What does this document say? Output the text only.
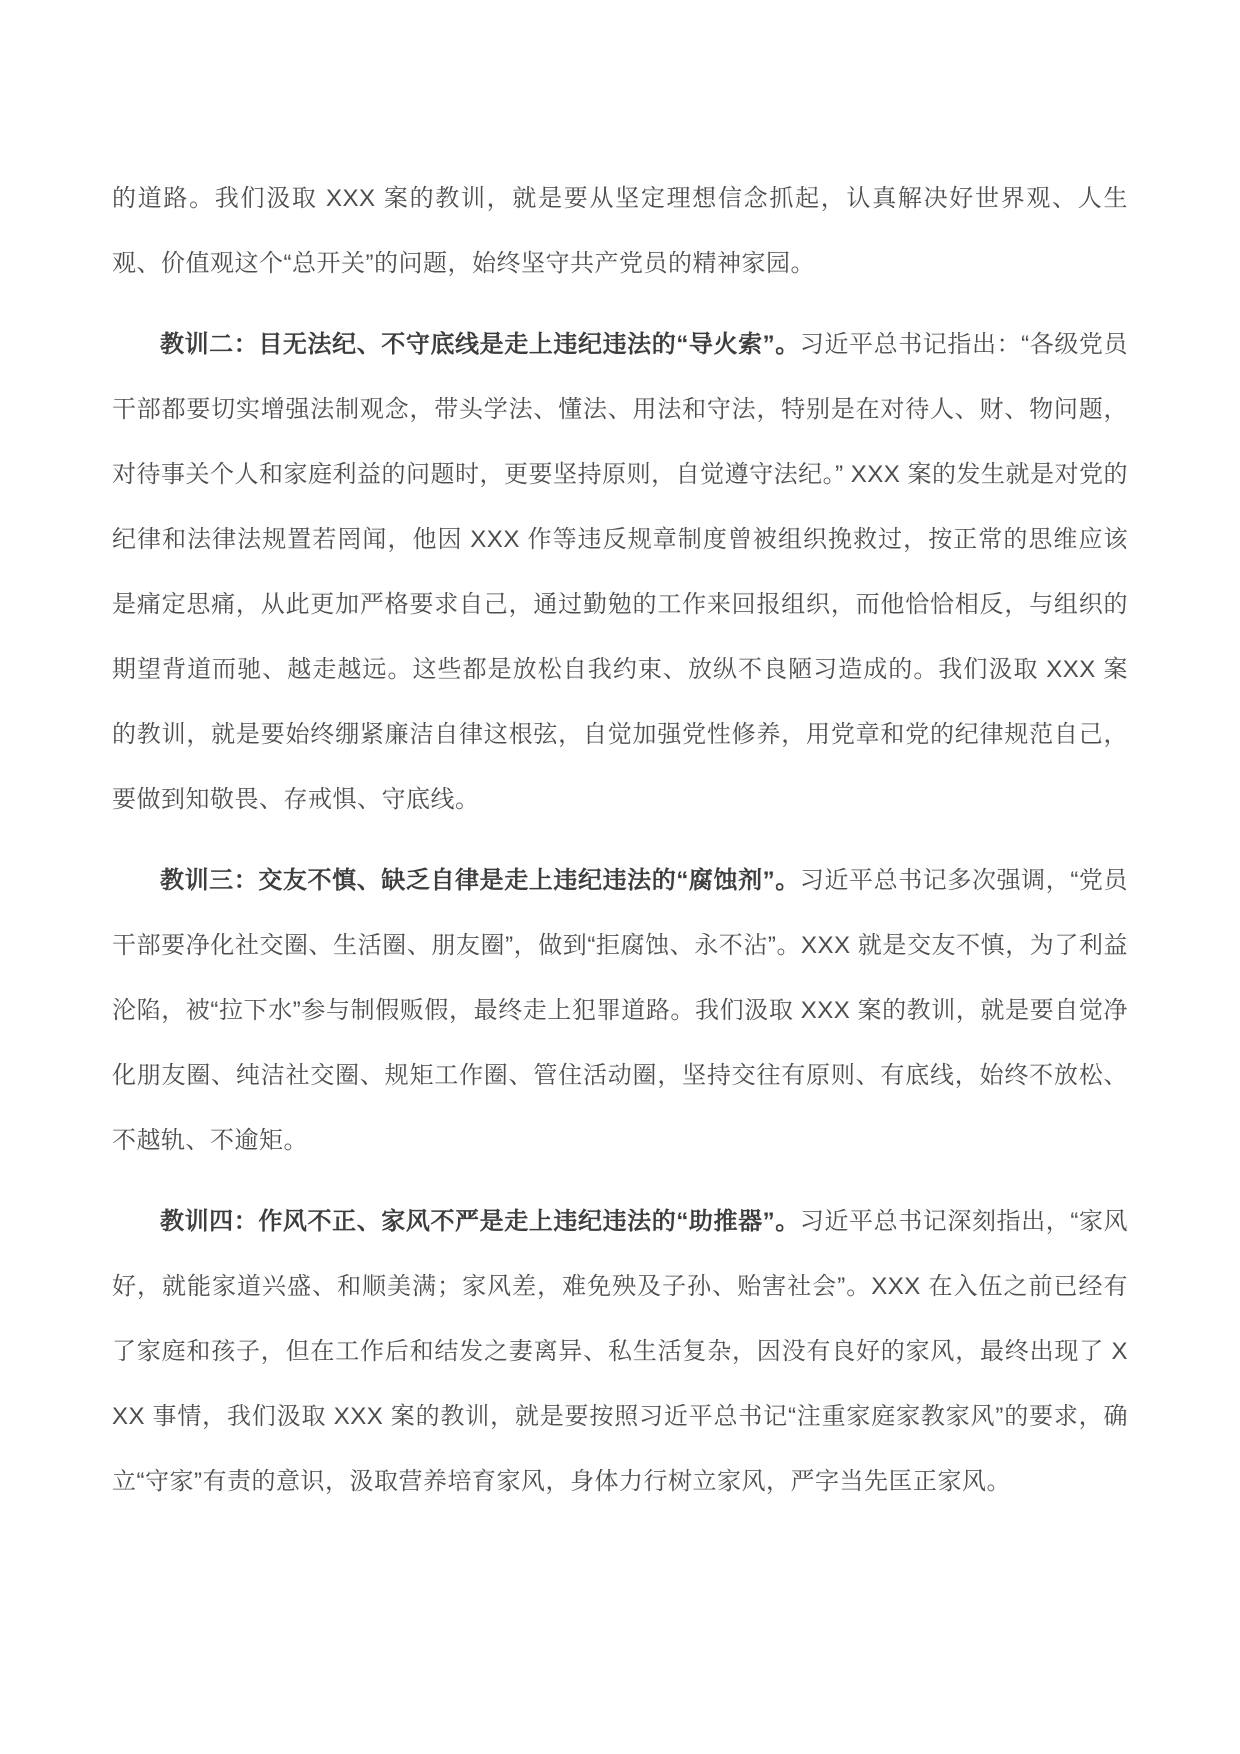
的道路。我们汲取 XXX 案的教训，就是要从坚定理想信念抓起，认真解决好世界观、人生观、价值观这个“总开关”的问题，始终坚守共产党员的精神家园。

教训二：目无法纪、不守底线是走上违纪违法的“导火索”。习近平总书记指出：“各级党员干部都要切实增强法制观念，带头学法、懂法、用法和守法，特别是在对待人、财、物问题，对待事关个人和家庭利益的问题时，更要坚持原则，自觉遵守法纪。” XXX 案的发生就是对党的纪律和法律法规置若罔闻，他因 XXX 作等违反规章制度曾被组织挽救过，按正常的思维应该是痛定思痛，从此更加严格要求自己，通过勤勉的工作来回报组织，而他恰恰相反，与组织的期望背道而驰、越走越远。这些都是放松自我约束、放纵不良陋习造成的。我们汲取 XXX 案的教训，就是要始终绷紧廉洁自律这根弦，自觉加强党性修养，用党章和党的纪律规范自己，要做到知敬畏、存戒惧、守底线。

教训三：交友不慎、缺乏自律是走上违纪违法的“腐蚀剂”。习近平总书记多次强调，“党员干部要净化社交圈、生活圈、朋友圈”，做到“拒腐蚀、永不沾”。XXX 就是交友不慎，为了利益沦陷，被“拉下水”参与制假贩假，最终走上犯罪道路。我们汲取 XXX 案的教训，就是要自觉净化朋友圈、纯洁社交圈、规矩工作圈、管住活动圈，坚持交往有原则、有底线，始终不放松、不越轨、不逾矩。

教训四：作风不正、家风不严是走上违纪违法的“助推器”。习近平总书记深刻指出，“家风好，就能家道兴盛、和顺美满；家风差，难免殃及子孙、贻害社会”。XXX 在入伍之前已经有了家庭和孩子，但在工作后和结发之妻离异、私生活复杂，因没有良好的家风，最终出现了 XXX 事情，我们汲取 XXX 案的教训，就是要按照习近平总书记“注重家庭家教家风”的要求，确立“守家”有责的意识，汲取营养培育家风，身体力行树立家风，严字当先匡正家风。
